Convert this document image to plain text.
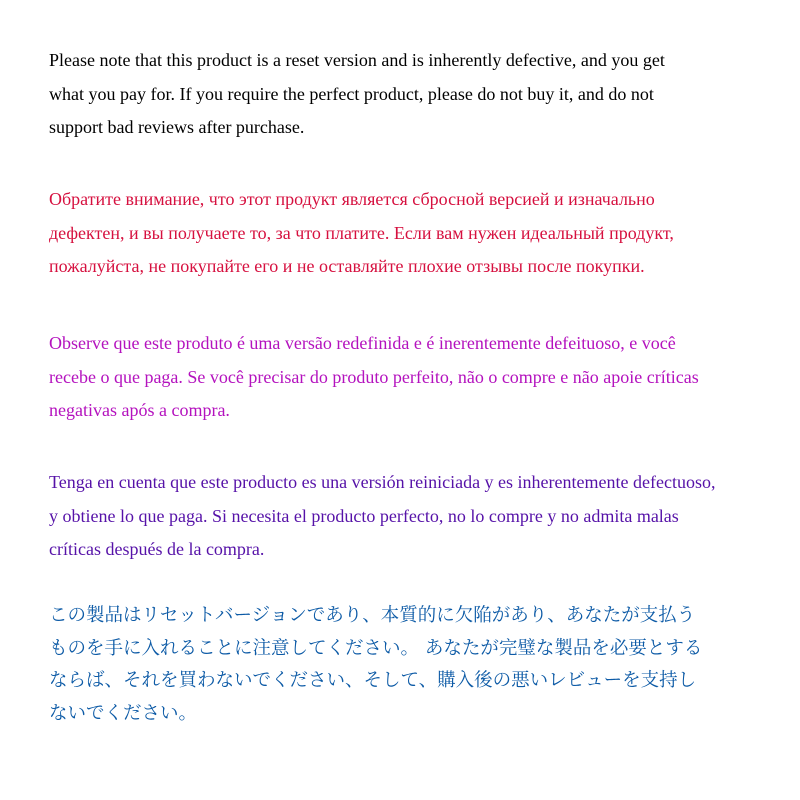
Please note that this product is a reset version and is inherently defective, and you get
what you pay for. If you require the perfect product, please do not buy it, and do not
support bad reviews after purchase.

Обратите внимание, что этот продукт является сбросной версией и изначально
дефектен, и вы получаете то, за что платите. Если вам нужен идеальный продукт,
пожалуйста, не покупайте его и не оставляйте плохие отзывы после покупки.

Observe que este produto é uma versão redefinida e é inerentemente defeituoso, e você
recebe o que paga. Se você precisar do produto perfeito, não o compre e não apoie críticas
negativas após a compra.

Tenga en cuenta que este producto es una versión reiniciada y es inherentemente defectuoso,
y obtiene lo que paga. Si necesita el producto perfecto, no lo compre y no admita malas
críticas después de la compra.

この製品はリセットバージョンであり、本質的に欠陥があり、あなたが支払う
ものを手に入れることに注意してください。 あなたが完璧な製品を必要とする
ならば、それを買わないでください、そして、購入後の悪いレビューを支持し
ないでください。
